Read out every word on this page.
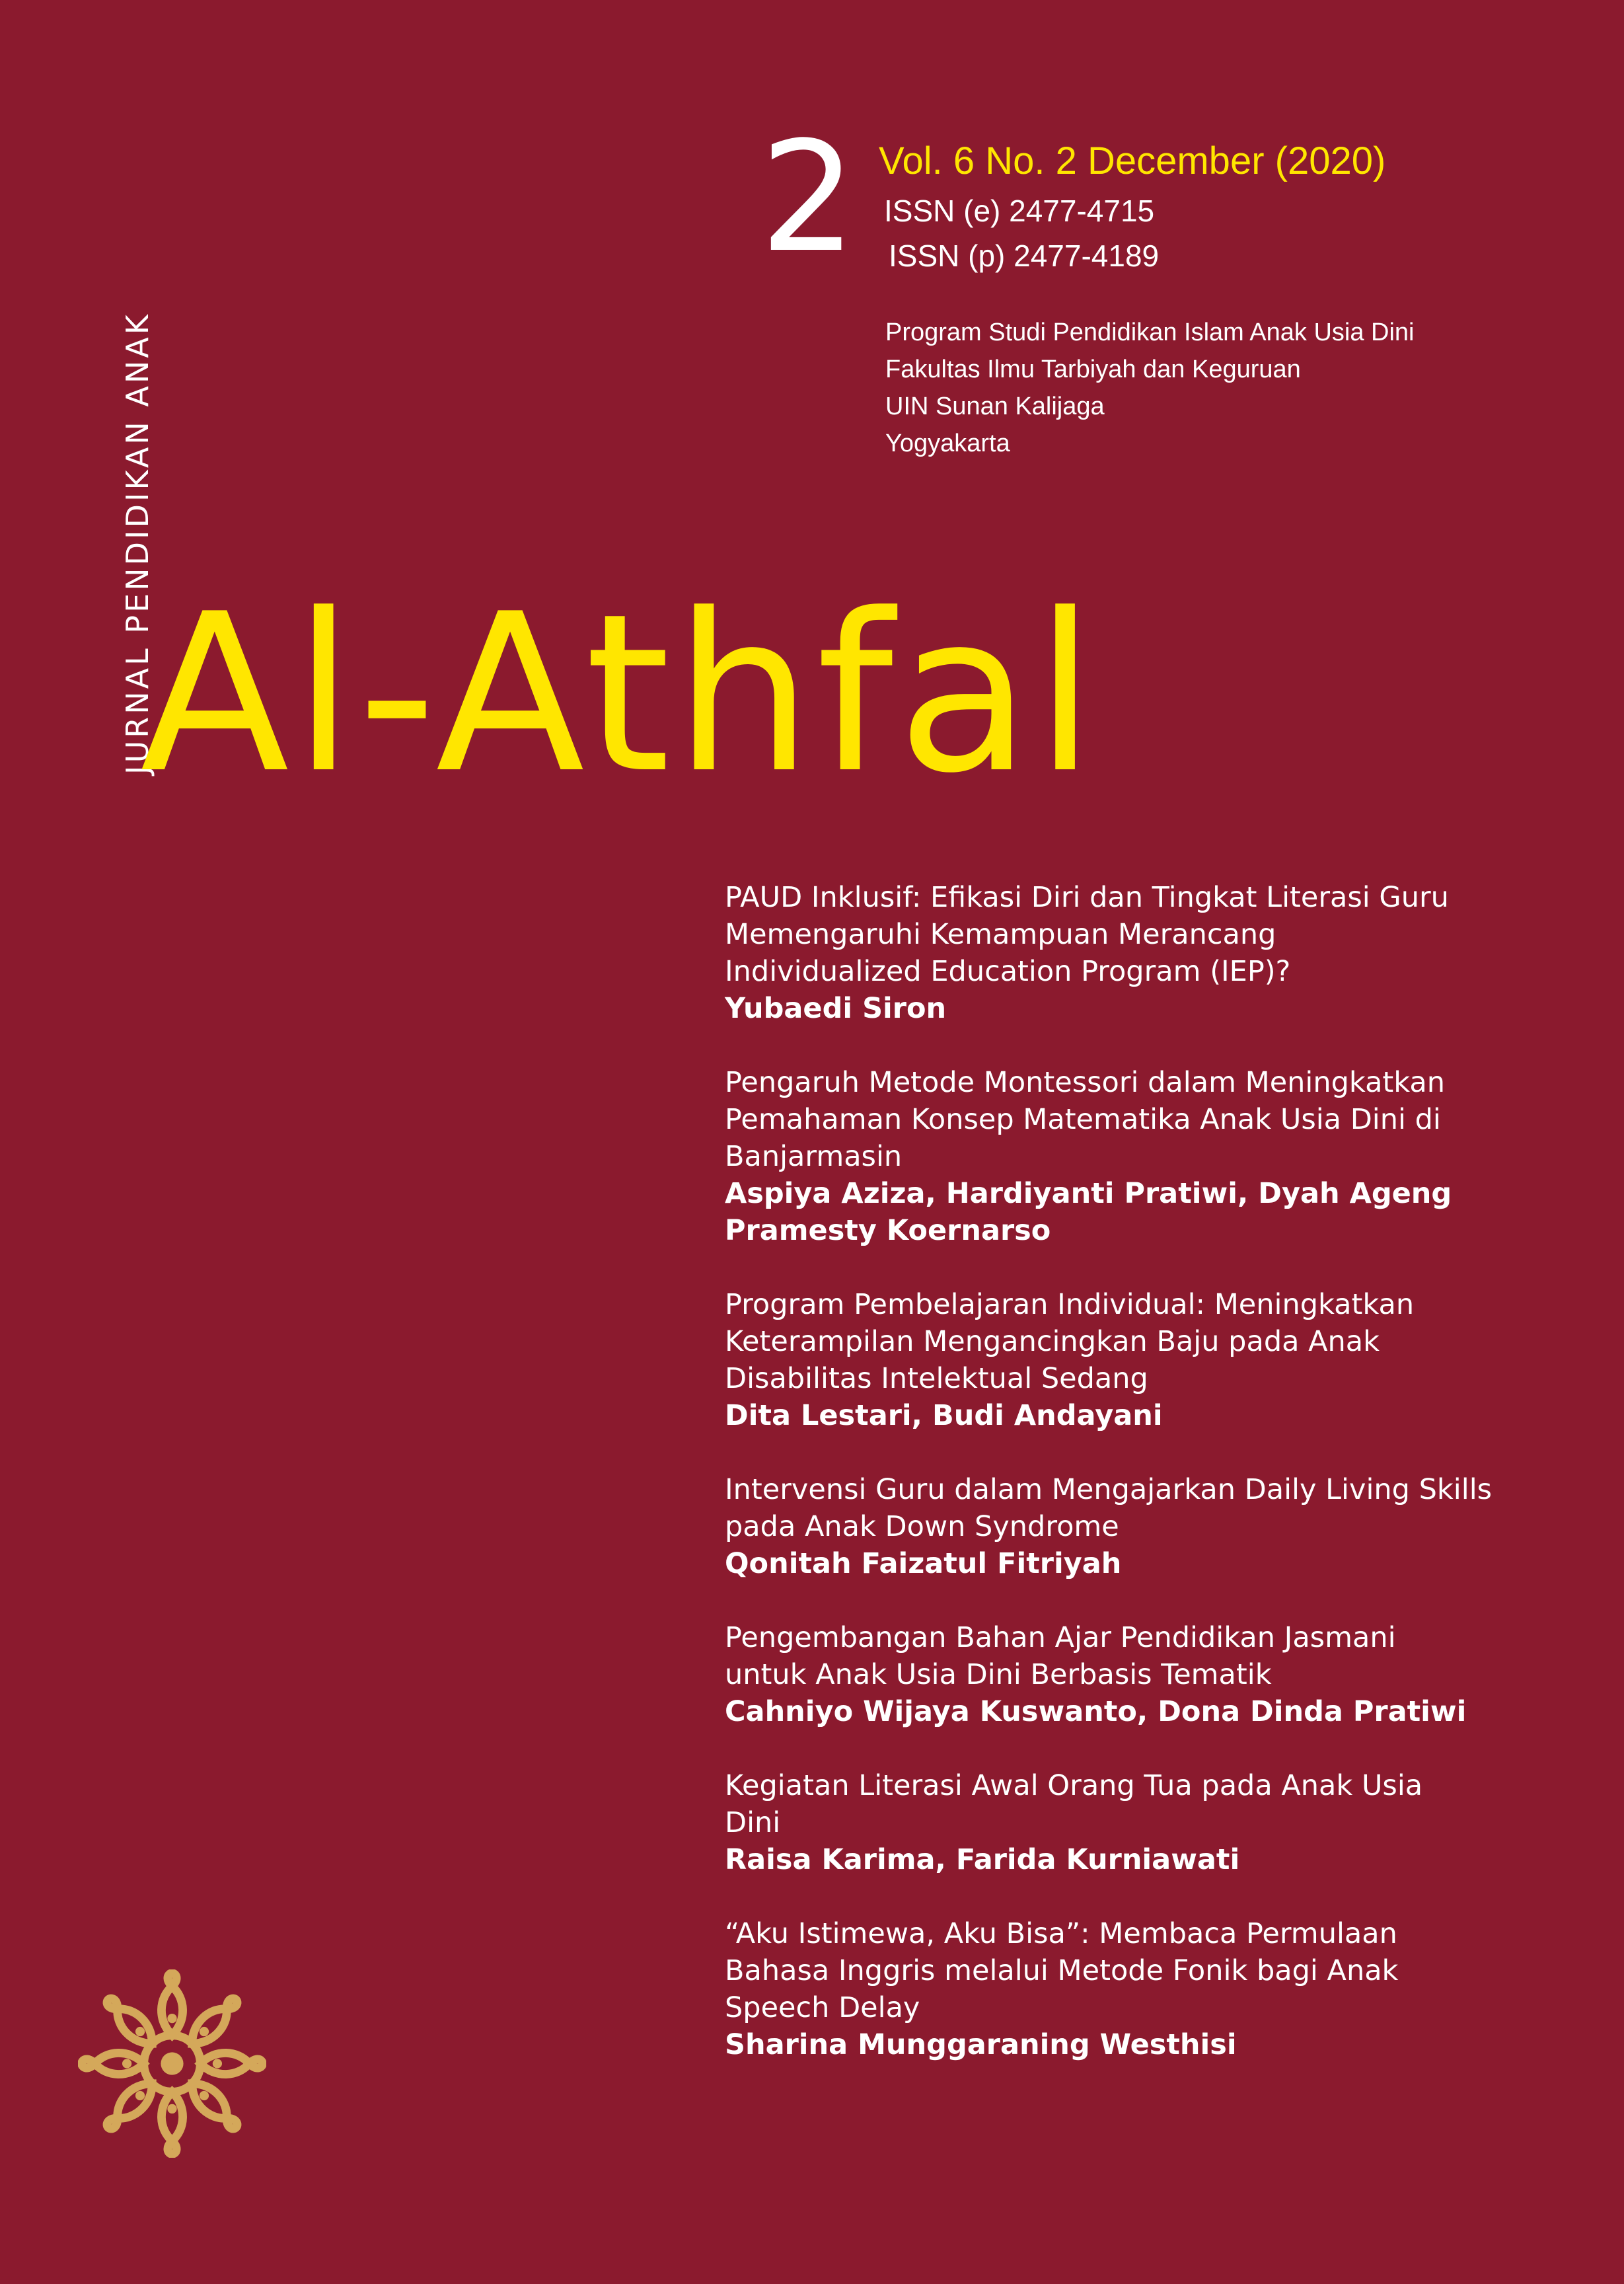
JURNAL PENDIDIKAN ANAK
2 Vol. 6 No. 2 December (2020)
ISSN (e) 2477-4715
ISSN (p) 2477-4189
Program Studi Pendidikan Islam Anak Usia Dini
Fakultas Ilmu Tarbiyah dan Keguruan
UIN Sunan Kalijaga
Yogyakarta
Al-Athfal
PAUD Inklusif: Efikasi Diri dan Tingkat Literasi Guru
Memengaruhi Kemampuan Merancang
Individualized Education Program (IEP)?
Yubaedi Siron
Pengaruh Metode Montessori dalam Meningkatkan
Pemahaman Konsep Matematika Anak Usia Dini di
Banjarmasin
Aspiya Aziza, Hardiyanti Pratiwi, Dyah Ageng
Pramesty Koernarso
Program Pembelajaran Individual: Meningkatkan
Keterampilan Mengancingkan Baju pada Anak
Disabilitas Intelektual Sedang
Dita Lestari, Budi Andayani
Intervensi Guru dalam Mengajarkan Daily Living Skills
pada Anak Down Syndrome
Qonitah Faizatul Fitriyah
Pengembangan Bahan Ajar Pendidikan Jasmani
untuk Anak Usia Dini Berbasis Tematik
Cahniyo Wijaya Kuswanto, Dona Dinda Pratiwi
Kegiatan Literasi Awal Orang Tua pada Anak Usia
Dini
Raisa Karima, Farida Kurniawati
“Aku Istimewa, Aku Bisa”: Membaca Permulaan
Bahasa Inggris melalui Metode Fonik bagi Anak
Speech Delay
Sharina Munggaraning Westhisi
